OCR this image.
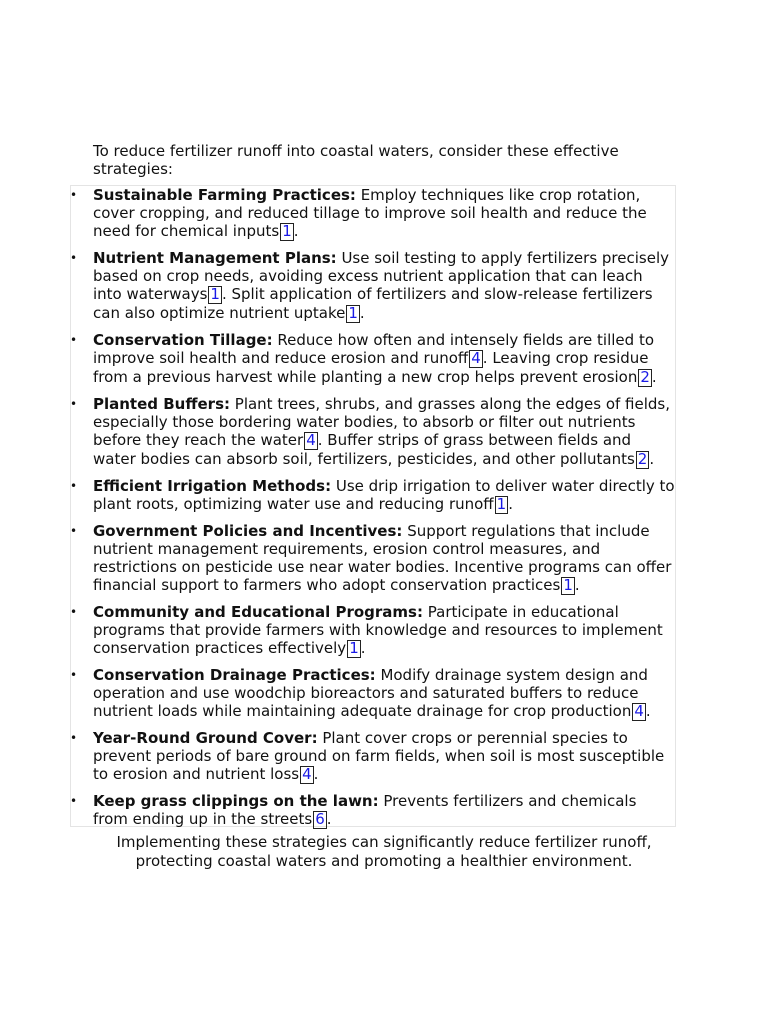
To reduce fertilizer runoff into coastal waters, consider these effective strategies:

• Sustainable Farming Practices: Employ techniques like crop rotation, cover cropping, and reduced tillage to improve soil health and reduce the need for chemical inputs 1 .
• Nutrient Management Plans: Use soil testing to apply fertilizers precisely based on crop needs, avoiding excess nutrient application that can leach into waterways 1 . Split application of fertilizers and slow-release fertilizers can also optimize nutrient uptake 1 .
• Conservation Tillage: Reduce how often and intensely fields are tilled to improve soil health and reduce erosion and runoff 4 . Leaving crop residue from a previous harvest while planting a new crop helps prevent erosion 2 .
• Planted Buffers: Plant trees, shrubs, and grasses along the edges of fields, especially those bordering water bodies, to absorb or filter out nutrients before they reach the water 4 . Buffer strips of grass between fields and water bodies can absorb soil, fertilizers, pesticides, and other pollutants 2 .
• Efficient Irrigation Methods: Use drip irrigation to deliver water directly to plant roots, optimizing water use and reducing runoff 1 .
• Government Policies and Incentives: Support regulations that include nutrient management requirements, erosion control measures, and restrictions on pesticide use near water bodies. Incentive programs can offer financial support to farmers who adopt conservation practices 1 .
• Community and Educational Programs: Participate in educational programs that provide farmers with knowledge and resources to implement conservation practices effectively 1 .
• Conservation Drainage Practices: Modify drainage system design and operation and use woodchip bioreactors and saturated buffers to reduce nutrient loads while maintaining adequate drainage for crop production 4 .
• Year-Round Ground Cover: Plant cover crops or perennial species to prevent periods of bare ground on farm fields, when soil is most susceptible to erosion and nutrient loss 4 .
• Keep grass clippings on the lawn: Prevents fertilizers and chemicals from ending up in the streets 6 .

Implementing these strategies can significantly reduce fertilizer runoff, protecting coastal waters and promoting a healthier environment.
